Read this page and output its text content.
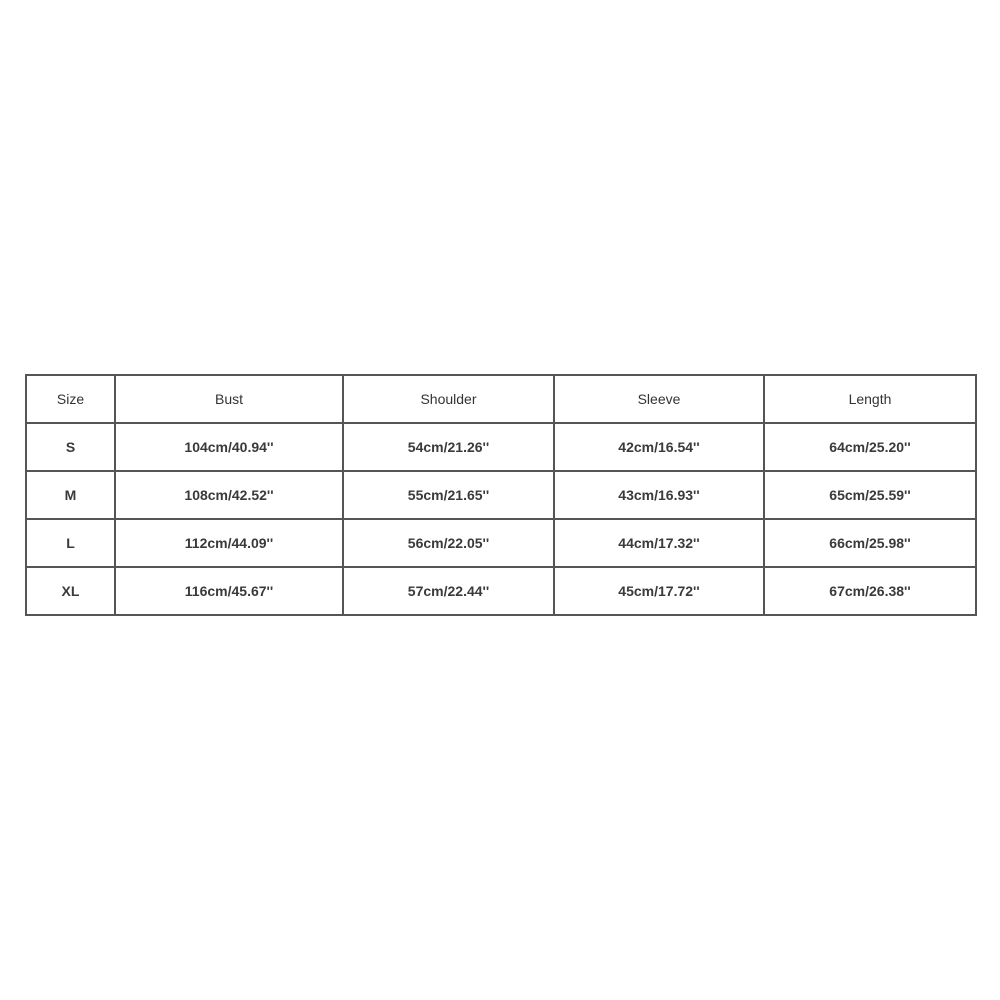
Size	Bust	Shoulder	Sleeve	Length
S	104cm/40.94''	54cm/21.26''	42cm/16.54''	64cm/25.20''
M	108cm/42.52''	55cm/21.65''	43cm/16.93''	65cm/25.59''
L	112cm/44.09''	56cm/22.05''	44cm/17.32''	66cm/25.98''
XL	116cm/45.67''	57cm/22.44''	45cm/17.72''	67cm/26.38''
